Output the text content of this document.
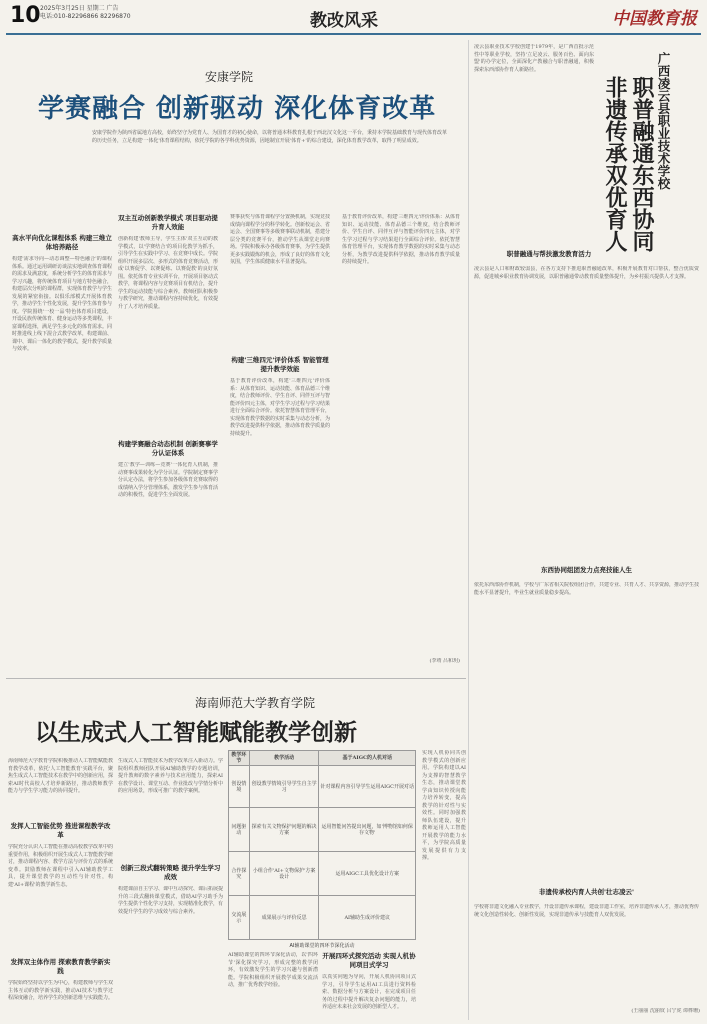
10 2025年3月25日 星期二 广告
电话:010-82296866 82296870	教改风采	中国教育报
安康学院
学赛融合 创新驱动 深化体育改革
安康学院作为陕西省属地方高校，始终坚守为党育人、为国育才的初心使命，以将普通本科教育扎根于西北汉文化这一平台，秉持本学院基础教育与现代体育改革的历史任务，立足构建'一体化'体育课程结构，依托学院的各学科优势资源，因地制宜开展'体育+'的综合建设，深化体育教学改革，取得了明显成效。
高水平向优化课程体系 构建三维立体培养路径
构建'需求导向—动态调整—特色融合'的课程体系。通过运用调研访谈法实地调查体育课程的需求及满意度，系统分析学生的体育需求与学习兴趣，将传统体育项目与地方特色融合，构建层次分明的课程群，实现体育教学与学生发展的紧密衔接。以俱乐部模式开展体育教学，推动学生个性化发展，提升学生体育参与度。学院围绕'一校一品'特色体育项目建设，开设民族传统体育、健身运动等多类课程，丰富课程选择，满足学生多元化的体育需求。同时推进线上线下混合式教学改革，构建课前、课中、课后一体化的教学模式，提升教学质量与效率。
双主互动创新教学模式 项目驱动提升育人效能
创新构建'教师主导，学生主体'双主互动的教学模式，以'学赛结合'的项目化教学为抓手，引导学生在实践中学习、在竞赛中成长。学院组织开展多层次、多形式的体育竞赛活动，形成'以赛促学、以赛促练、以赛促教'的良好氛围。依托体育专业实训平台，开展项目驱动式教学，将课程内容与竞赛项目有机结合，提升学生的运动技能与综合素养。教师团队积极参与教学研究，推动课程内容持续优化，有效提升了人才培养质量。
构建学赛融合动态机制 创新赛事学分认证体系
建立'教学—训练—竞赛'一体化育人机制，推动赛事成果转化为学分认证。学院制定赛事学分认定办法，将学生参加各级体育竞赛取得的成绩纳入学分管理体系，激发学生参与体育活动的积极性，促进学生全面发展。
赛事获奖与体育课程学分置换机制，实现竞技成绩向课程学分的科学转化。创新校运会、省运会、全国赛事等多级赛事联动机制，搭建分层分类的竞赛平台，推动学生从课堂走向赛场。学院积极承办各级体育赛事，为学生提供更多实践锻炼的机会，形成了良好的体育文化氛围，学生体质健康水平显著提高。
构建'三维四元'评价体系 智能管理提升教学效能
基于教育评价改革，构建'三维四元'评价体系：从体育知识、运动技能、体育品德三个维度，结合教师评价、学生自评、同伴互评与智能评价四元主体，对学生学习过程与学习结果进行全面综合评价。依托智慧体育管理平台，实现体育教学数据的实时采集与动态分析，为教学改进提供科学依据，推动体育教学质量的持续提升。
基于教育评价改革，构建'三维四元'评价体系：从体育知识、运动技能、体育品德三个维度，结合教师评价、学生自评、同伴互评与智能评价四元主体，对学生学习过程与学习结果进行全面综合评价。依托智慧体育管理平台，实现体育教学数据的实时采集与动态分析，为教学改进提供科学依据，推动体育教学质量的持续提升。
(李靖 吕和玥)
海南师范大学教育学院
以生成式人工智能赋能教学创新
海南师范大学教育学院积极推动人工智能赋能教育教学改革，依托'人工智能教育'实践平台，聚焦生成式人工智能技术在教学中的创新应用，探索AI时代高校人才培养新路径，推动教师教学能力与学生学习能力的协同提升。
发挥人工智能优势 推进课程教学改革
学院充分认识人工智能在推动高校教学改革中的重要作用，积极组织开展生成式人工智能教学研讨，推动课程内容、教学方法与评价方式的系统变革。鼓励教师在课程中引入AI辅助教学工具，提升课堂教学的互动性与针对性，构建'AI+课程'的教学新生态。
发挥双主体作用 探索教育教学新实践
学院始终坚持以学生为中心，构建教师与学生双主体互动的教学新实践，推动AI技术与教学过程深度融合，培养学生的创新思维与实践能力。
生成式人工智能技术为教学改革注入新动力。学院组织教师团队开展AI辅助教学的专题培训，提升教师的数字素养与技术应用能力，探索AI在教学设计、课堂互动、作业批改与学情分析中的应用场景，形成可推广的教学案例。
创新三段式翻转策略 提升学生学习成效
构建课前自主学习、课中互动探究、课后拓展提升的三段式翻转课堂模式，借助AI学习助手为学生提供个性化学习支持，实现精准化教学，有效提升学生的学习成效与综合素养。
教学环节	教学活动	基于AIGC的人机对话
创设情境	创设教学情境引导学生自主学习	针对课程内容引导学生运用AIGC开展对话
问题驱动	探索有关文物保护问题的解决方案	运用智能问答提出问题，如'博物馆如何保存文物'
合作探究	小组合作'AI+文物保护'方案设计	运用AIGC工具优化设计方案
交流展示	成果展示与评价反思	AI辅助生成评价建议
AI辅助课堂的四环节深化活动
AI辅助课堂的四环节深化活动，以'四环节'深化探究学习，形成完整的教学闭环，有效激发学生的学习兴趣与创新潜能。学院积极组织开展教学成果交流活动，推广优秀教学经验。
开展四环式探究活动 实现人机协同项目式学习
以真实问题为导向，开展人机协同项目式学习，引导学生运用AI工具进行资料检索、数据分析与方案设计，在完成项目任务的过程中提升解决复杂问题的能力，培养适应未来社会发展的创新型人才。
实现人机协同共创教学模式的创新应用。学院构建以AI为支撑的智慧教学生态，推动课堂教学由知识传授向能力培养转变，提高教学的针对性与实效性。同时加强教师队伍建设，提升教师运用人工智能开展教学的能力水平，为学院高质量发展提供有力支撑。
广西凌云县职业技术学校
职普融通东西协同
非遗传承双优育人
凌云县职业技术学校创建于1979年，是广西首批示范性中等职业学校，坚持'立足凌云、服务百色、面向东盟'的办学定位，全面深化产教融合与职普融通，积极探索东西部协作育人新路径。
职普融通与帮扶激发教育活力
凌云县是人口和财政较弱县，在各方支持下推进职普融通改革，积极开展教育对口帮扶，整合优质资源，促进城乡职业教育协调发展，以职普融通带动教育质量整体提升，为乡村振兴提供人才支撑。
东西协同组团发力点亮技能人生
依托东西部协作机制，学校与广东省相关院校组团合作，共建专业、共育人才、共享资源，推动学生技能水平显著提升，毕业生就业质量稳步提高。
非遗传承校内育人共创'壮志凌云'
学校将非遗文化融入专业教学，开设非遗传承课程，建设非遗工作室，培养非遗传承人才，推动优秀传统文化创造性转化、创新性发展，实现非遗传承与技能育人双优发展。
(王丽丽 沈丽钗 吕宁虎 谭桦珊)
